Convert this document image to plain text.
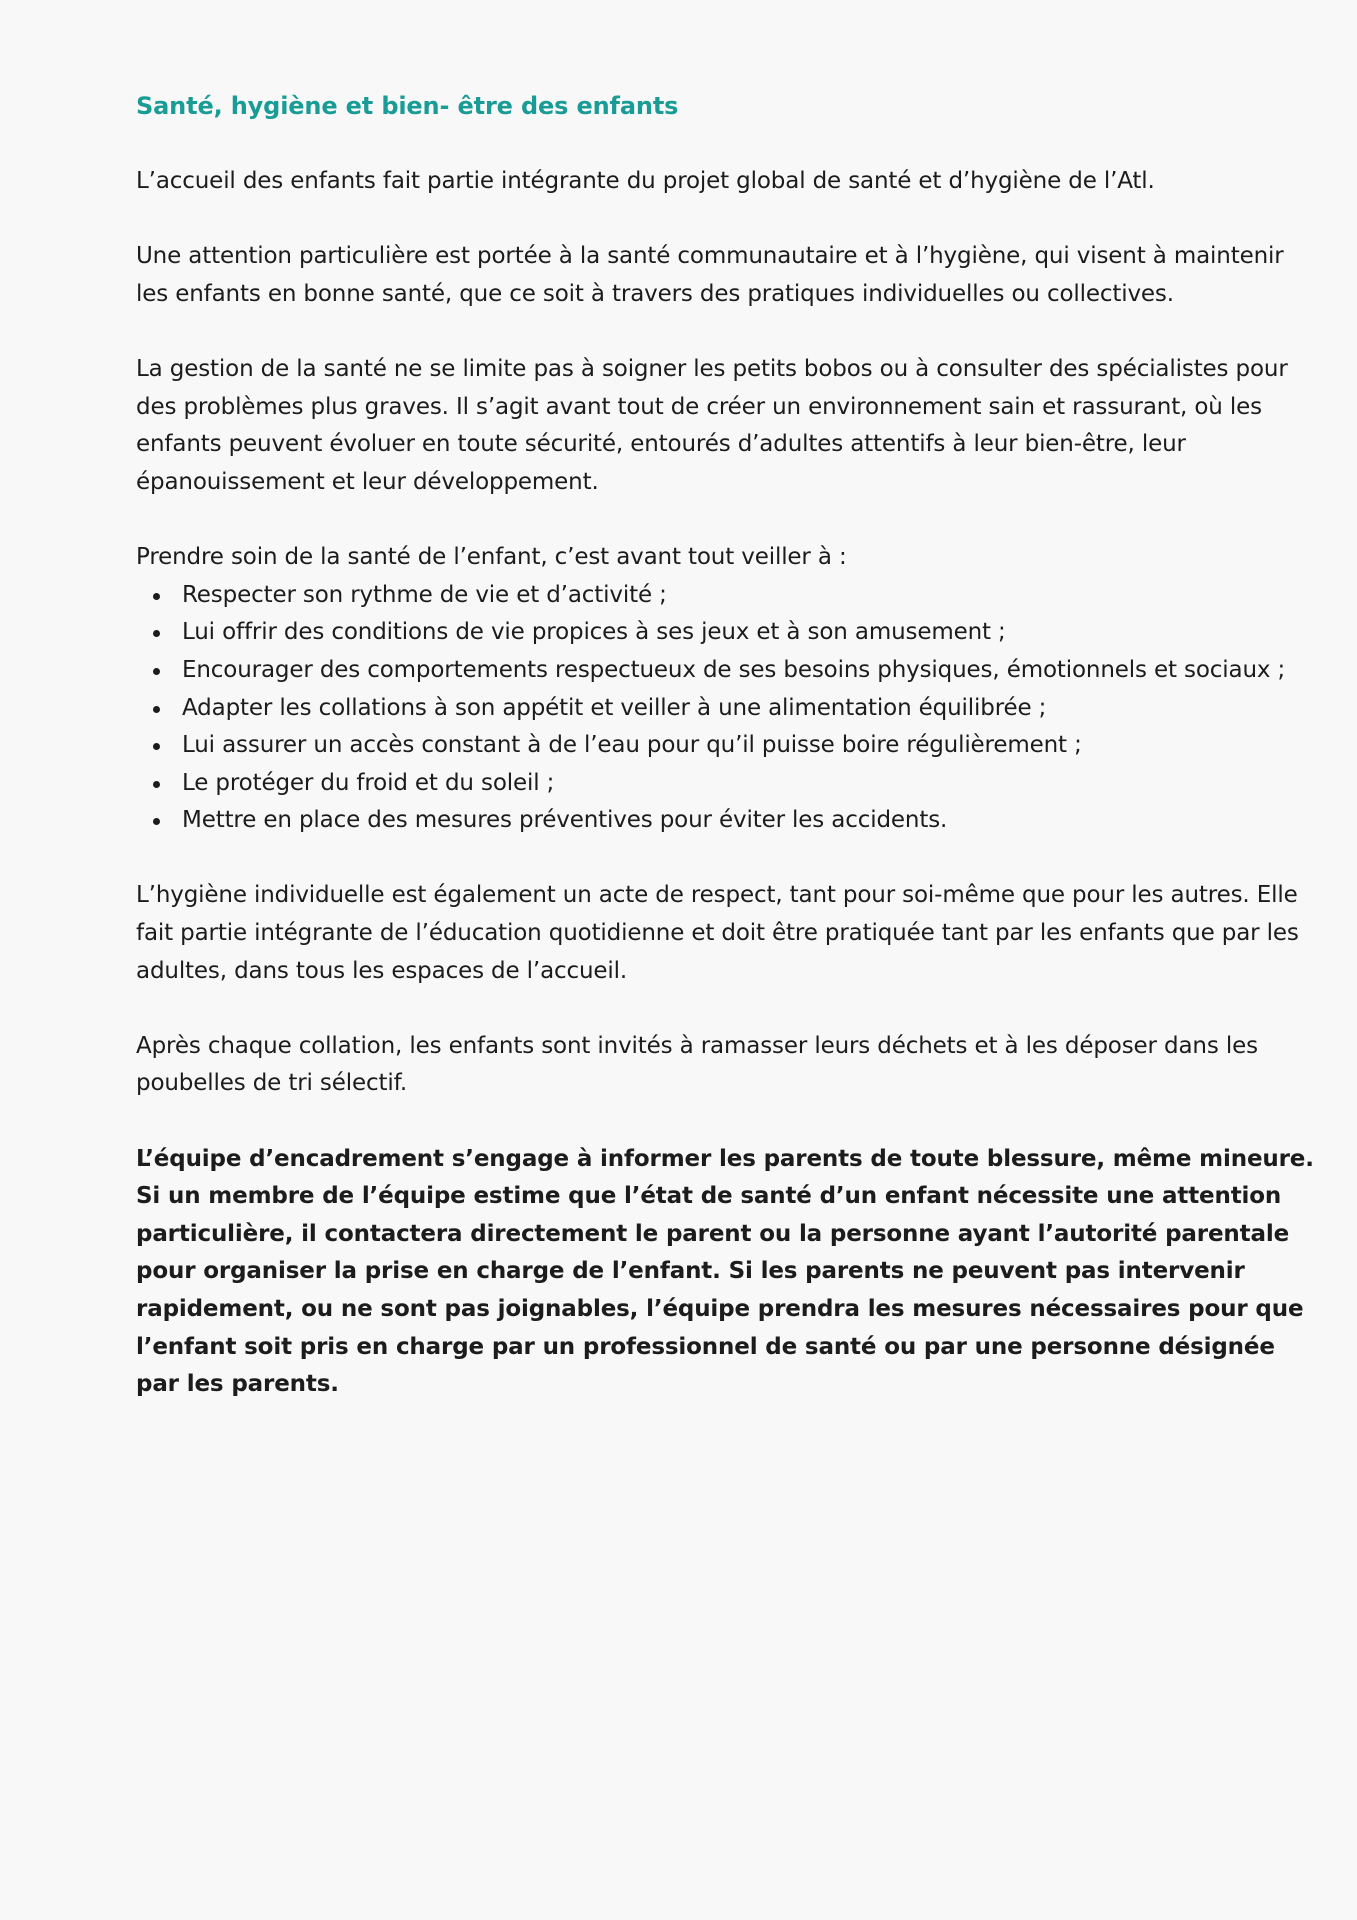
Santé, hygiène et bien- être des enfants

L’accueil des enfants fait partie intégrante du projet global de santé et d’hygiène de l’Atl.

Une attention particulière est portée à la santé communautaire et à l’hygiène, qui visent à maintenir les enfants en bonne santé, que ce soit à travers des pratiques individuelles ou collectives.

La gestion de la santé ne se limite pas à soigner les petits bobos ou à consulter des spécialistes pour des problèmes plus graves. Il s’agit avant tout de créer un environnement sain et rassurant, où les enfants peuvent évoluer en toute sécurité, entourés d’adultes attentifs à leur bien-être, leur épanouissement et leur développement.

Prendre soin de la santé de l’enfant, c’est avant tout veiller à :

Respecter son rythme de vie et d’activité ;
Lui offrir des conditions de vie propices à ses jeux et à son amusement ;
Encourager des comportements respectueux de ses besoins physiques, émotionnels et sociaux ;
Adapter les collations à son appétit et veiller à une alimentation équilibrée ;
Lui assurer un accès constant à de l’eau pour qu’il puisse boire régulièrement ;
Le protéger du froid et du soleil ;
Mettre en place des mesures préventives pour éviter les accidents.

L’hygiène individuelle est également un acte de respect, tant pour soi-même que pour les autres. Elle fait partie intégrante de l’éducation quotidienne et doit être pratiquée tant par les enfants que par les adultes, dans tous les espaces de l’accueil.

Après chaque collation, les enfants sont invités à ramasser leurs déchets et à les déposer dans les poubelles de tri sélectif.

L’équipe d’encadrement s’engage à informer les parents de toute blessure, même mineure. Si un membre de l’équipe estime que l’état de santé d’un enfant nécessite une attention particulière, il contactera directement le parent ou la personne ayant l’autorité parentale pour organiser la prise en charge de l’enfant. Si les parents ne peuvent pas intervenir rapidement, ou ne sont pas joignables, l’équipe prendra les mesures nécessaires pour que l’enfant soit pris en charge par un professionnel de santé ou par une personne désignée par les parents.
